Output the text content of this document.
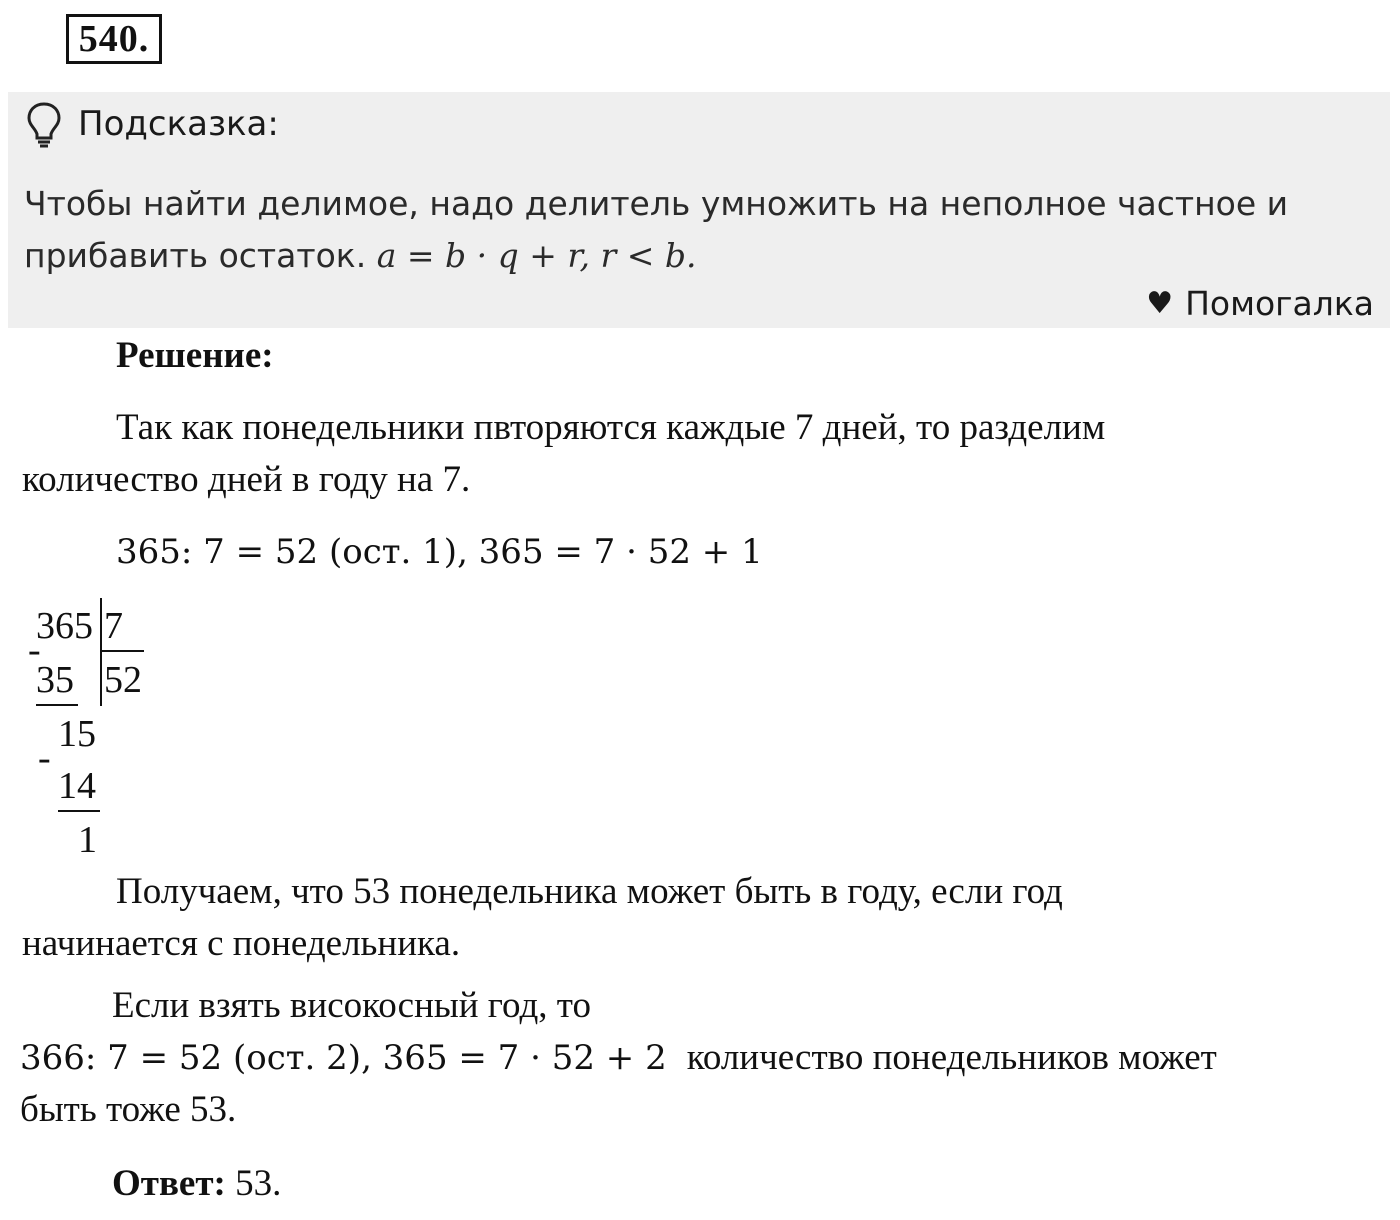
540.
Подсказка:
Чтобы найти делимое, надо делитель умножить на неполное частное и
прибавить остаток. a = b · q + r, r < b.
♥ Помогалка
Решение:
Так как понедельники пвторяются каждые 7 дней, то разделим
количество дней в году на 7.
365: 7 = 52 (ост. 1), 365 = 7 · 52 + 1
365 7
-
35 52
15
-
14
1
Получаем, что 53 понедельника может быть в году, если год
начинается с понедельника.
Если взять високосный год, то
366: 7 = 52 (ост. 2), 365 = 7 · 52 + 2 количество понедельников может
быть тоже 53.
Ответ: 53.
